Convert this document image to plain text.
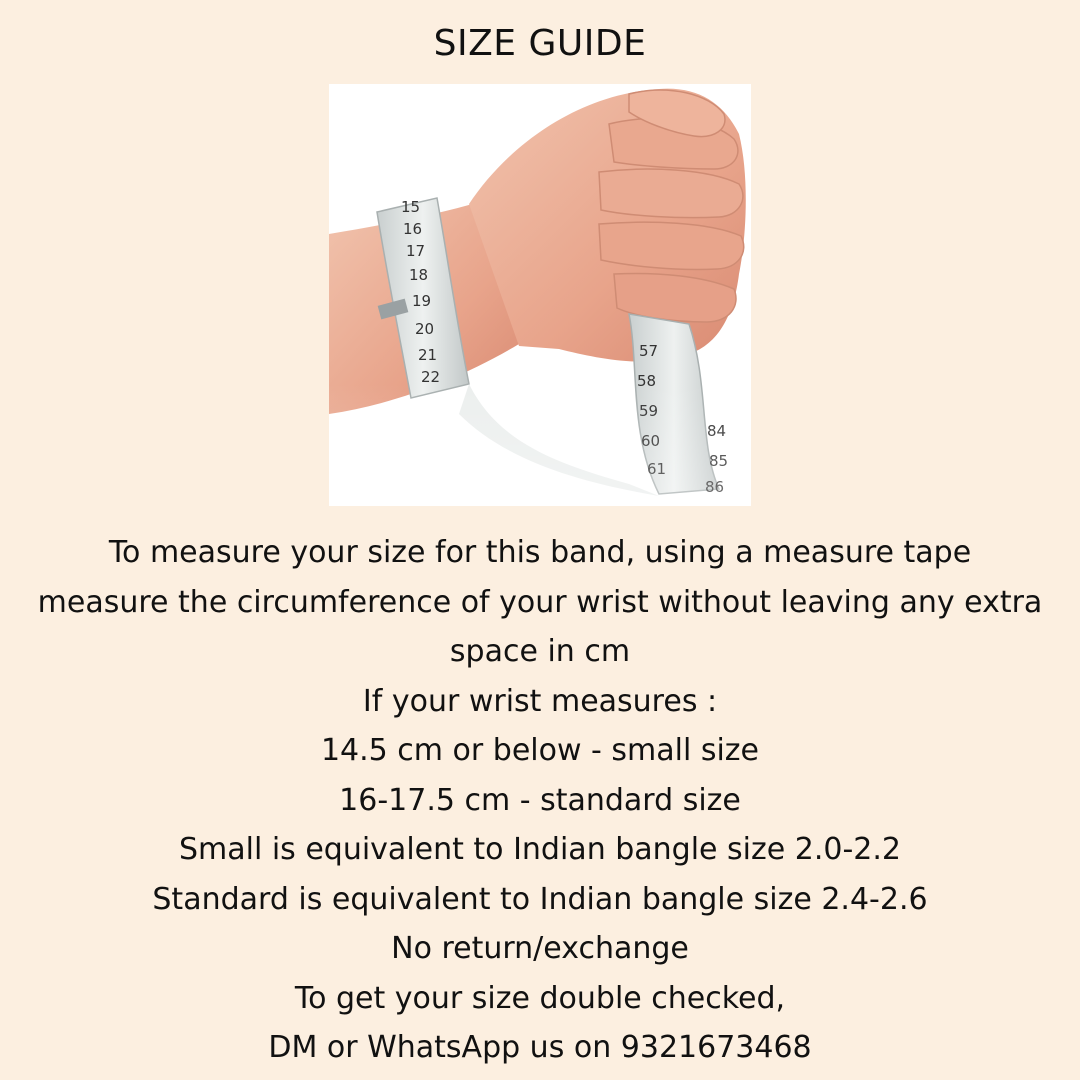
SIZE GUIDE
15
16
17
18
19
20
21
22
57
58
59
60
61
84
85
86
To measure your size for this band, using a measure tape
measure the circumference of your wrist without leaving any extra
space in cm
If your wrist measures :
14.5 cm or below - small size
16-17.5 cm - standard size
Small is equivalent to Indian bangle size 2.0-2.2
Standard is equivalent to Indian bangle size 2.4-2.6
No return/exchange
To get your size double checked,
DM or WhatsApp us on 9321673468
